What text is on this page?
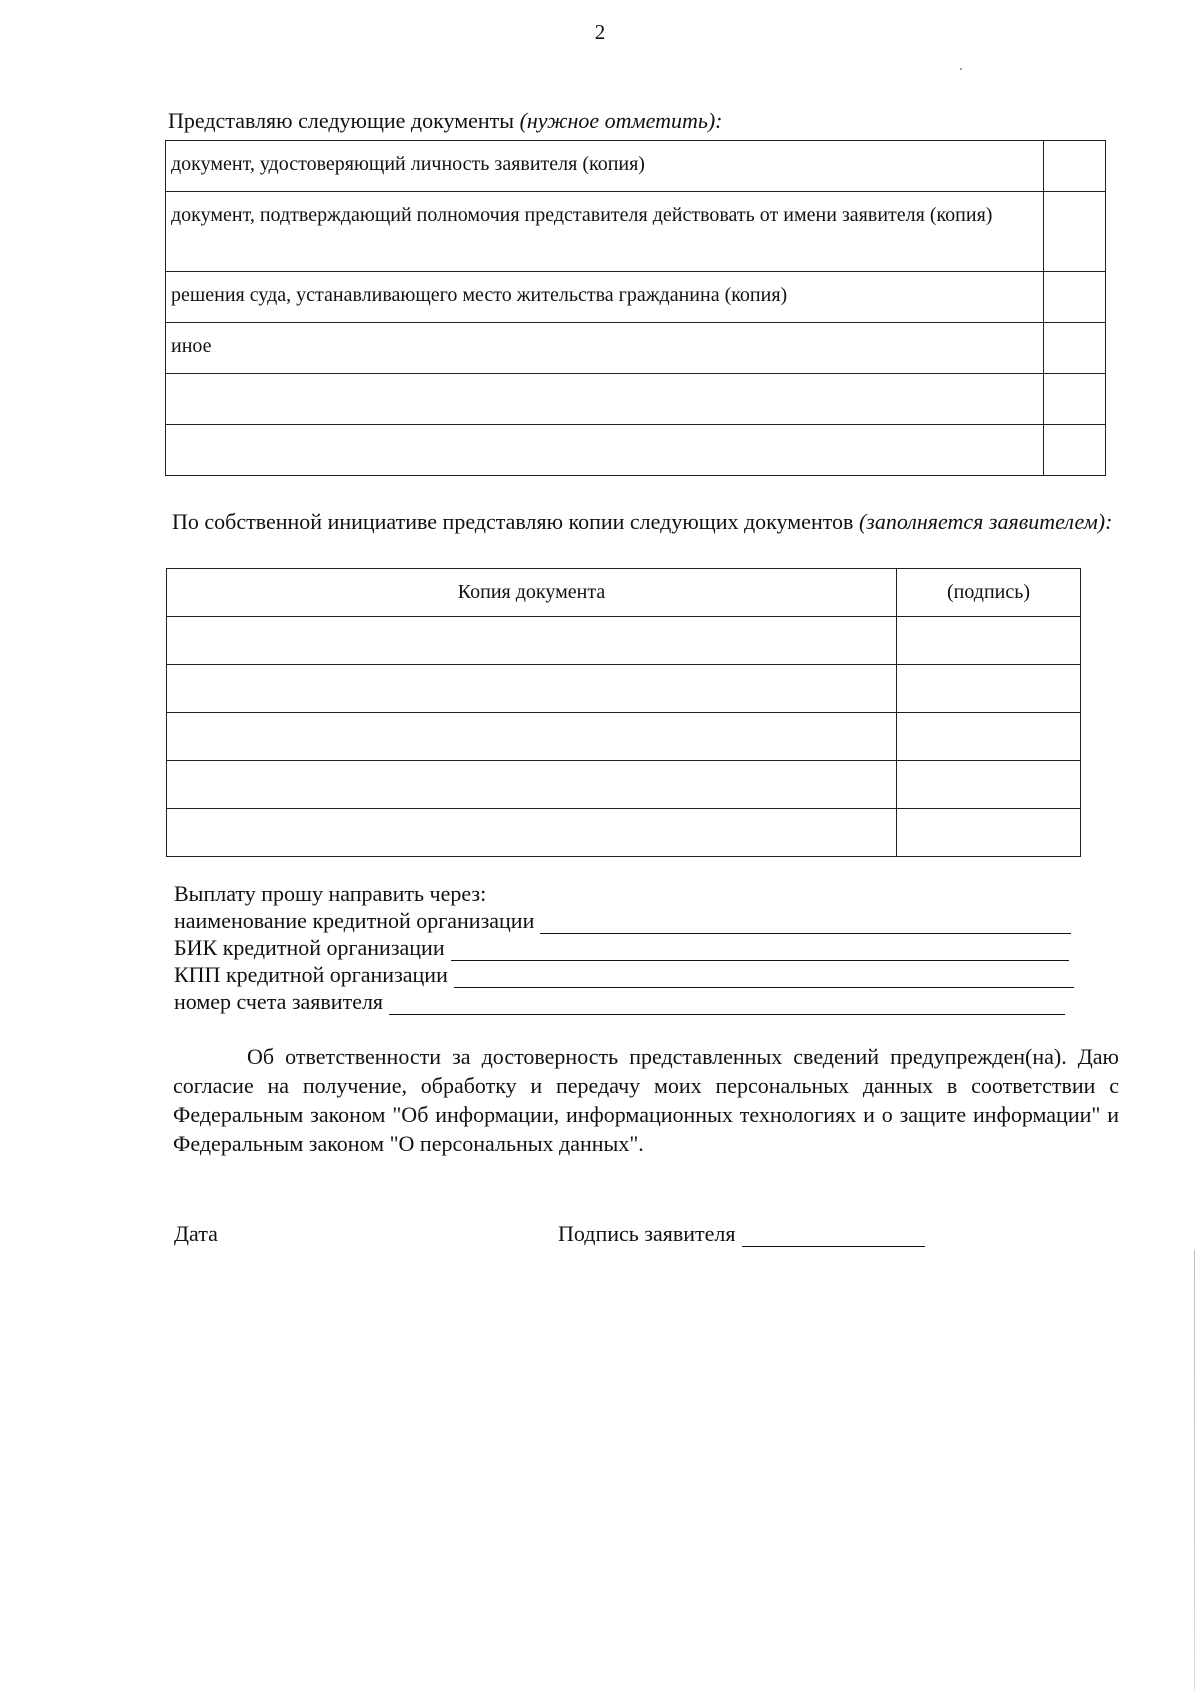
2
Представляю следующие документы (нужное отметить):
документ, удостоверяющий личность заявителя (копия)	
документ, подтверждающий полномочия представителя действовать от имени заявителя (копия)	
решения суда, устанавливающего место жительства гражданина (копия)	
иное	

По собственной инициативе представляю копии следующих документов (заполняется заявителем):
Копия документа	(подпись)

Выплату прошу направить через:
наименование кредитной организации
БИК кредитной организации
КПП кредитной организации
номер счета заявителя
Об ответственности за достоверность представленных сведений предупрежден(на). Даю согласие на получение, обработку и передачу моих персональных данных в соответствии с Федеральным законом "Об информации, информационных технологиях и о защите информации" и Федеральным законом "О персональных данных".
Дата	Подпись заявителя
